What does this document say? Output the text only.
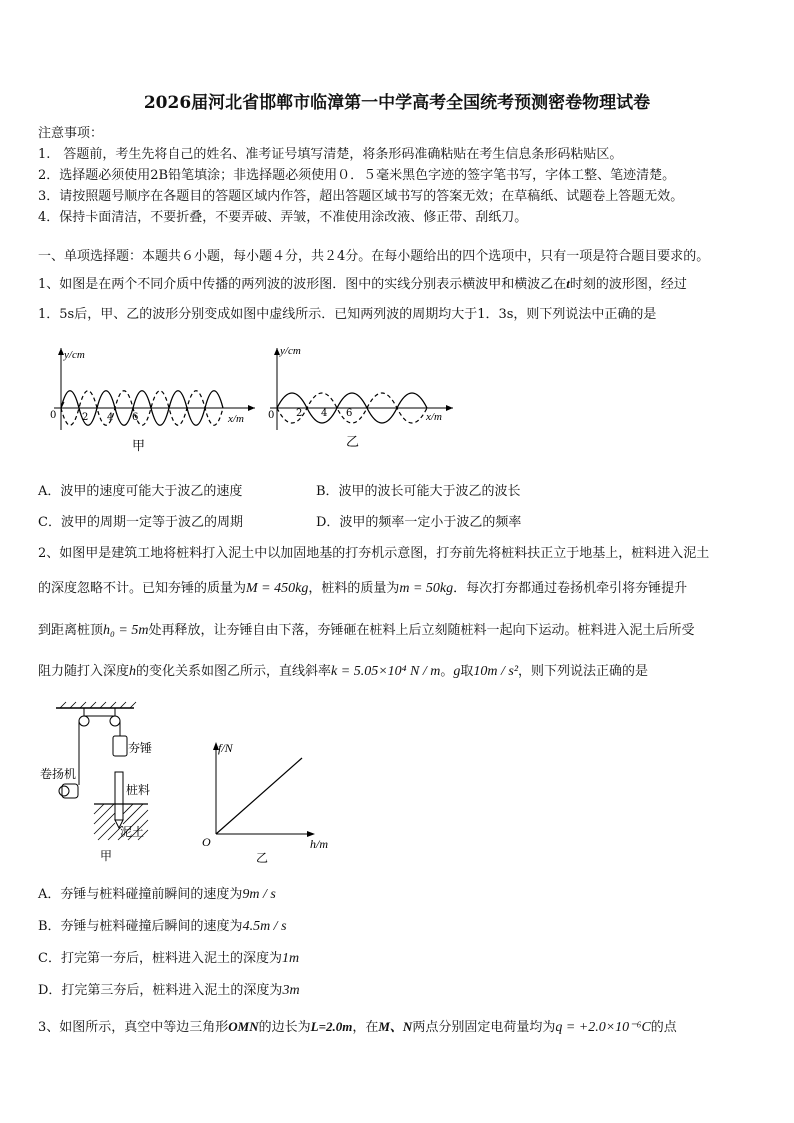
2026届河北省邯郸市临漳第一中学高考全国统考预测密卷物理试卷
注意事项：
1.　答题前，考生先将自己的姓名、准考证号填写清楚，将条形码准确粘贴在考生信息条形码粘贴区。
2．选择题必须使用2B铅笔填涂；非选择题必须使用０．５毫米黑色字迹的签字笔书写，字体工整、笔迹清楚。
3．请按照题号顺序在各题目的答题区域内作答，超出答题区域书写的答案无效；在草稿纸、试题卷上答题无效。
4．保持卡面清洁，不要折叠，不要弄破、弄皱，不准使用涂改液、修正带、刮纸刀。
一、单项选择题：本题共６小题，每小题４分，共２4分。在每小题给出的四个选项中，只有一项是符合题目要求的。
1、如图是在两个不同介质中传播的两列波的波形图．图中的实线分别表示横波甲和横波乙在t时刻的波形图，经过
1．5s后，甲、乙的波形分别变成如图中虚线所示．已知两列波的周期均大于1．3s，则下列说法中正确的是
y/cm
x/m
0	2 4 6
甲
y/cm
x/m
0 2 4 6
乙
A．波甲的速度可能大于波乙的速度	B．波甲的波长可能大于波乙的波长
C．波甲的周期一定等于波乙的周期	D．波甲的频率一定小于波乙的频率
2、如图甲是建筑工地将桩料打入泥土中以加固地基的打夯机示意图，打夯前先将桩料扶正立于地基上，桩料进入泥土
的深度忽略不计。已知夯锤的质量为M = 450kg，桩料的质量为m = 50kg．每次打夯都通过卷扬机牵引将夯锤提升
到距离桩顶h₀ = 5m处再释放，让夯锤自由下落，夯锤砸在桩料上后立刻随桩料一起向下运动。桩料进入泥土后所受
阻力随打入深度h的变化关系如图乙所示，直线斜率k = 5.05×10⁴ N / m。g取10m / s²，则下列说法正确的是
夯锤
卷扬机
桩料
泥土
甲
f/N
h/m
O
乙
A．夯锤与桩料碰撞前瞬间的速度为9m / s
B．夯锤与桩料碰撞后瞬间的速度为4.5m / s
C．打完第一夯后，桩料进入泥土的深度为1m
D．打完第三夯后，桩料进入泥土的深度为3m
3、如图所示，真空中等边三角形OMN的边长为L=2.0m，在M、N两点分别固定电荷量均为q = +2.0×10⁻⁶C的点
